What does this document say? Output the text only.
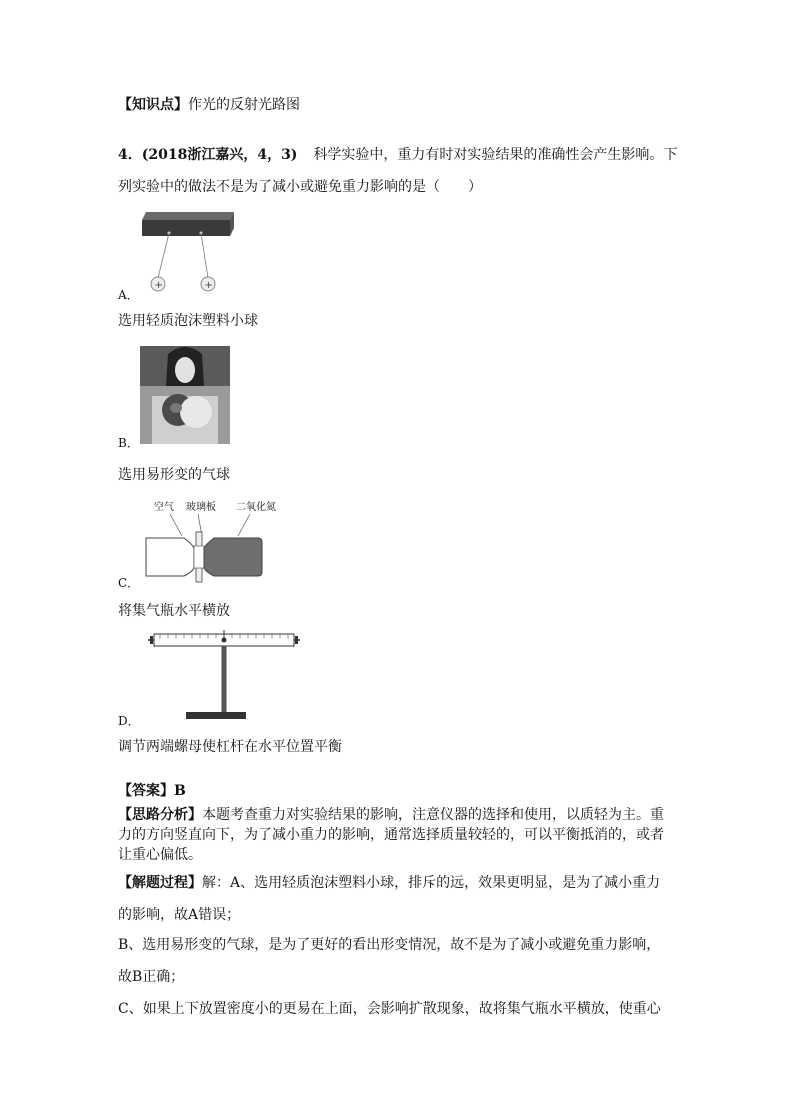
【知识点】作光的反射光路图
4．(2018浙江嘉兴，4，3) 科学实验中，重力有时对实验结果的准确性会产生影响。下
列实验中的做法不是为了减小或避免重力影响的是（　　）
+	+
A．
选用轻质泡沫塑料小球
B．
选用易形变的气球
空气 玻璃板 二氧化氮
C．
将集气瓶水平横放
D．
调节两端螺母使杠杆在水平位置平衡
【答案】B
【思路分析】本题考查重力对实验结果的影响，注意仪器的选择和使用，以质轻为主。重
力的方向竖直向下，为了减小重力的影响，通常选择质量较轻的，可以平衡抵消的，或者
让重心偏低。
【解题过程】解：A、选用轻质泡沫塑料小球，排斥的远，效果更明显，是为了减小重力
的影响，故A错误；
B、选用易形变的气球，是为了更好的看出形变情况，故不是为了减小或避免重力影响，
故B正确；
C、如果上下放置密度小的更易在上面，会影响扩散现象，故将集气瓶水平横放，使重心
